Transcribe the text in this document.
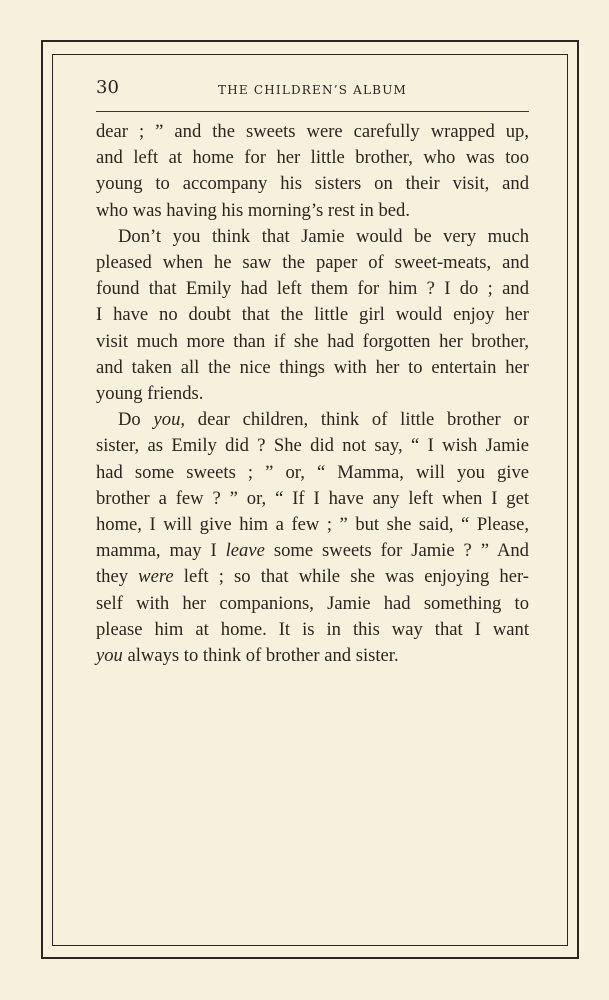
30	THE CHILDREN’S ALBUM

dear ; ” and the sweets were carefully wrapped up,

and left at home for her little brother, who was too

young to accompany his sisters on their visit, and

who was having his morning’s rest in bed.

Don’t you think that Jamie would be very much

pleased when he saw the paper of sweet-meats, and

found that Emily had left them for him ? I do ; and

I have no doubt that the little girl would enjoy her

visit much more than if she had forgotten her brother,

and taken all the nice things with her to entertain her

young friends.

Do you, dear children, think of little brother or

sister, as Emily did ? She did not say, “ I wish Jamie

had some sweets ; ” or, “ Mamma, will you give

brother a few ? ” or, “ If I have any left when I get

home, I will give him a few ; ” but she said, “ Please,

mamma, may I leave some sweets for Jamie ? ” And

they were left ; so that while she was enjoying her-

self with her companions, Jamie had something to

please him at home. It is in this way that I want

you always to think of brother and sister.
